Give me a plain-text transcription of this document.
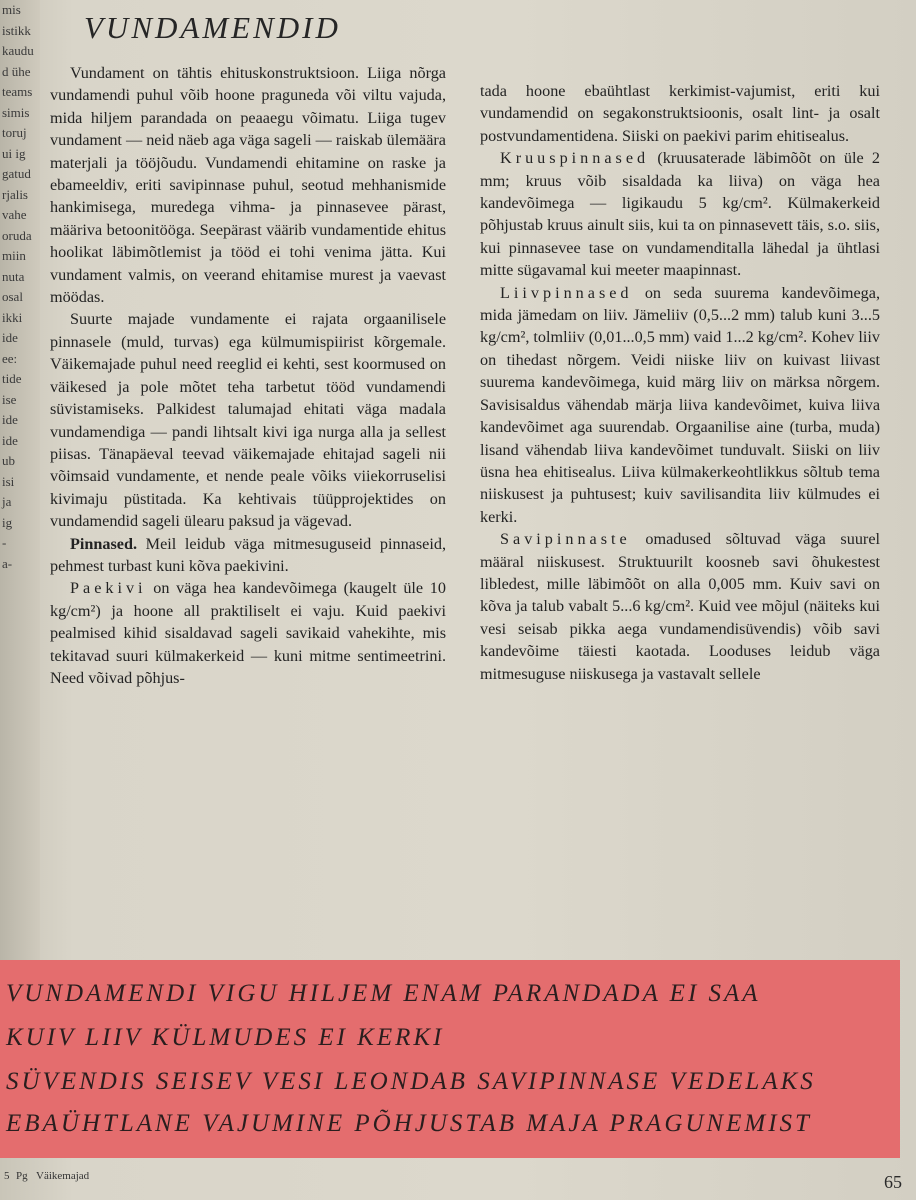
mis
istikk
kaudu
d ühe
teams
simis
toruj
ui ig
gatud
rjalis
vahe
oruda
miin
nuta
osal
ikki
ide
ee:
tide
ise
ide
ide
ub
isi
ja
ig
-
a-
VUNDAMENDID

Vundament on tähtis ehituskonstruktsioon. Liiga nõrga vundamendi puhul võib hoone praguneda või viltu vajuda, mida hiljem parandada on peaaegu võimatu. Liiga tugev vundament — neid näeb aga väga sageli — raiskab ülemäära materjali ja tööjõudu. Vundamendi ehitamine on raske ja ebameeldiv, eriti savipinnase puhul, seotud mehhanismide hankimisega, muredega vihma- ja pinnasevee pärast, määriva betoonitööga. Seepärast väärib vundamentide ehitus hoolikat läbimõtlemist ja tööd ei tohi venima jätta. Kui vundament valmis, on veerand ehitamise murest ja vaevast möödas.

Suurte majade vundamente ei rajata orgaanilisele pinnasele (muld, turvas) ega külmumispiirist kõrgemale. Väikemajade puhul need reeglid ei kehti, sest koormused on väikesed ja pole mõtet teha tarbetut tööd vundamendi süvistamiseks. Palkidest talumajad ehitati väga madala vundamendiga — pandi lihtsalt kivi iga nurga alla ja sellest piisas. Tänapäeval teevad väikemajade ehitajad sageli nii võimsaid vundamente, et nende peale võiks viiekorruselisi kivimaju püstitada. Ka kehtivais tüüpprojektides on vundamendid sageli ülearu paksud ja vägevad.

Pinnased. Meil leidub väga mitmesuguseid pinnaseid, pehmest turbast kuni kõva paekivini.

Paekivi on väga hea kandevõimega (kaugelt üle 10 kg/cm²) ja hoone all praktiliselt ei vaju. Kuid paekivi pealmised kihid sisaldavad sageli savikaid vahekihte, mis tekitavad suuri külmakerkeid — kuni mitme sentimeetrini. Need võivad põhjus-

tada hoone ebaühtlast kerkimist-vajumist, eriti kui vundamendid on segakonstruktsioonis, osalt lint- ja osalt postvundamentidena. Siiski on paekivi parim ehitisealus.

Kruuspinnased (kruusaterade läbimõõt on üle 2 mm; kruus võib sisaldada ka liiva) on väga hea kandevõimega — ligikaudu 5 kg/cm². Külmakerkeid põhjustab kruus ainult siis, kui ta on pinnasevett täis, s.o. siis, kui pinnasevee tase on vundamenditalla lähedal ja ühtlasi mitte sügavamal kui meeter maapinnast.

Liivpinnased on seda suurema kandevõimega, mida jämedam on liiv. Jämeliiv (0,5...2 mm) talub kuni 3...5 kg/cm², tolmliiv (0,01...0,5 mm) vaid 1...2 kg/cm². Kohev liiv on tihedast nõrgem. Veidi niiske liiv on kuivast liivast suurema kandevõimega, kuid märg liiv on märksa nõrgem. Savisisaldus vähendab märja liiva kandevõimet, kuiva liiva kandevõimet aga suurendab. Orgaanilise aine (turba, muda) lisand vähendab liiva kandevõimet tunduvalt. Siiski on liiv üsna hea ehitisealus. Liiva külmakerkeohtlikkus sõltub tema niiskusest ja puhtusest; kuiv savilisandita liiv külmudes ei kerki.

Savipinnaste omadused sõltuvad väga suurel määral niiskusest. Struktuurilt koosneb savi õhukestest libledest, mille läbimõõt on alla 0,005 mm. Kuiv savi on kõva ja talub vabalt 5...6 kg/cm². Kuid vee mõjul (näiteks kui vesi seisab pikka aega vundamendisüvendis) võib savi kandevõime täiesti kaotada. Looduses leidub väga mitmesuguse niiskusega ja vastavalt sellele

VUNDAMENDI VIGU HILJEM ENAM PARANDADA EI SAA
KUIV LIIV KÜLMUDES EI KERKI
SÜVENDIS SEISEV VESI LEONDAB SAVIPINNASE VEDELAKS
EBAÜHTLANE VAJUMINE PÕHJUSTAB MAJA PRAGUNEMIST
5 Pg Väikemajad	65
